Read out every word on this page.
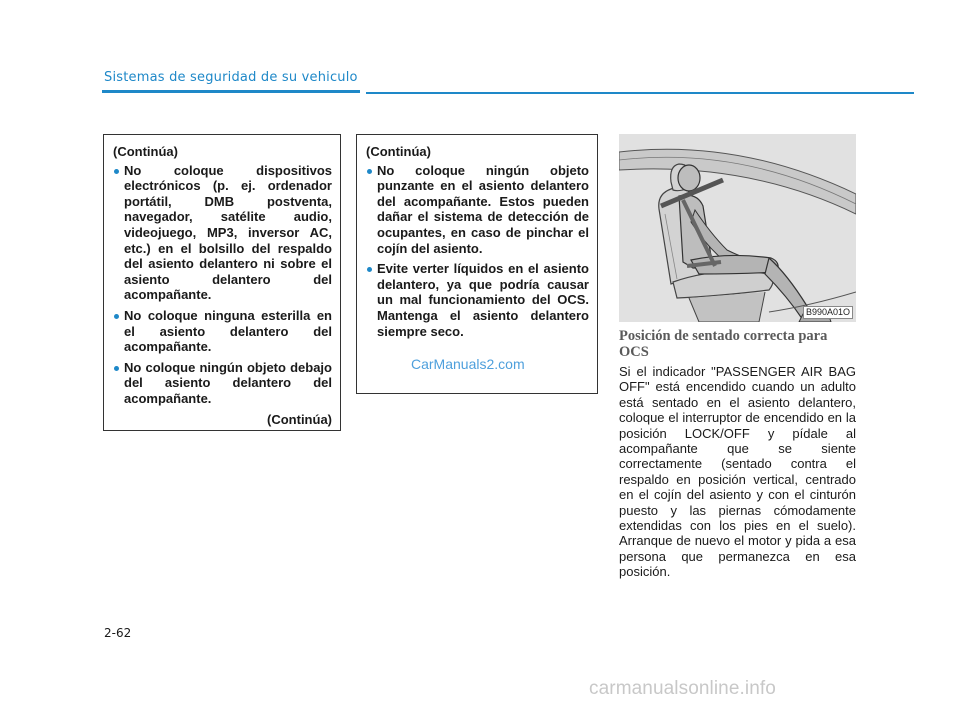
Sistemas de seguridad de su vehiculo
(Continúa)
No coloque dispositivos electrónicos (p. ej. ordenador portátil, DMB postventa, navegador, satélite audio, videojuego, MP3, inversor AC, etc.) en el bolsillo del respaldo del asiento delantero ni sobre el asiento delantero del acompañante.
No coloque ninguna esterilla en el asiento delantero del acompañante.
No coloque ningún objeto debajo del asiento delantero del acompañante.
(Continúa)
(Continúa)
No coloque ningún objeto punzante en el asiento delantero del acompañante. Estos pueden dañar el sistema de detección de ocupantes, en caso de pinchar el cojín del asiento.
Evite verter líquidos en el asiento delantero, ya que podría causar un mal funcionamiento del OCS. Mantenga el asiento delantero siempre seco.
CarManuals2.com
B990A01O
Posición de sentado correcta para OCS
Si el indicador "PASSENGER AIR BAG OFF" está encendido cuando un adulto está sentado en el asiento delantero, coloque el interruptor de encendido en la posición LOCK/OFF y pídale al acompañante que se siente correctamente (sentado contra el respaldo en posición vertical, centrado en el cojín del asiento y con el cinturón puesto y las piernas cómodamente extendidas con los pies en el suelo). Arranque de nuevo el motor y pida a esa persona que permanezca en esa posición.
2-62
carmanualsonline.info
